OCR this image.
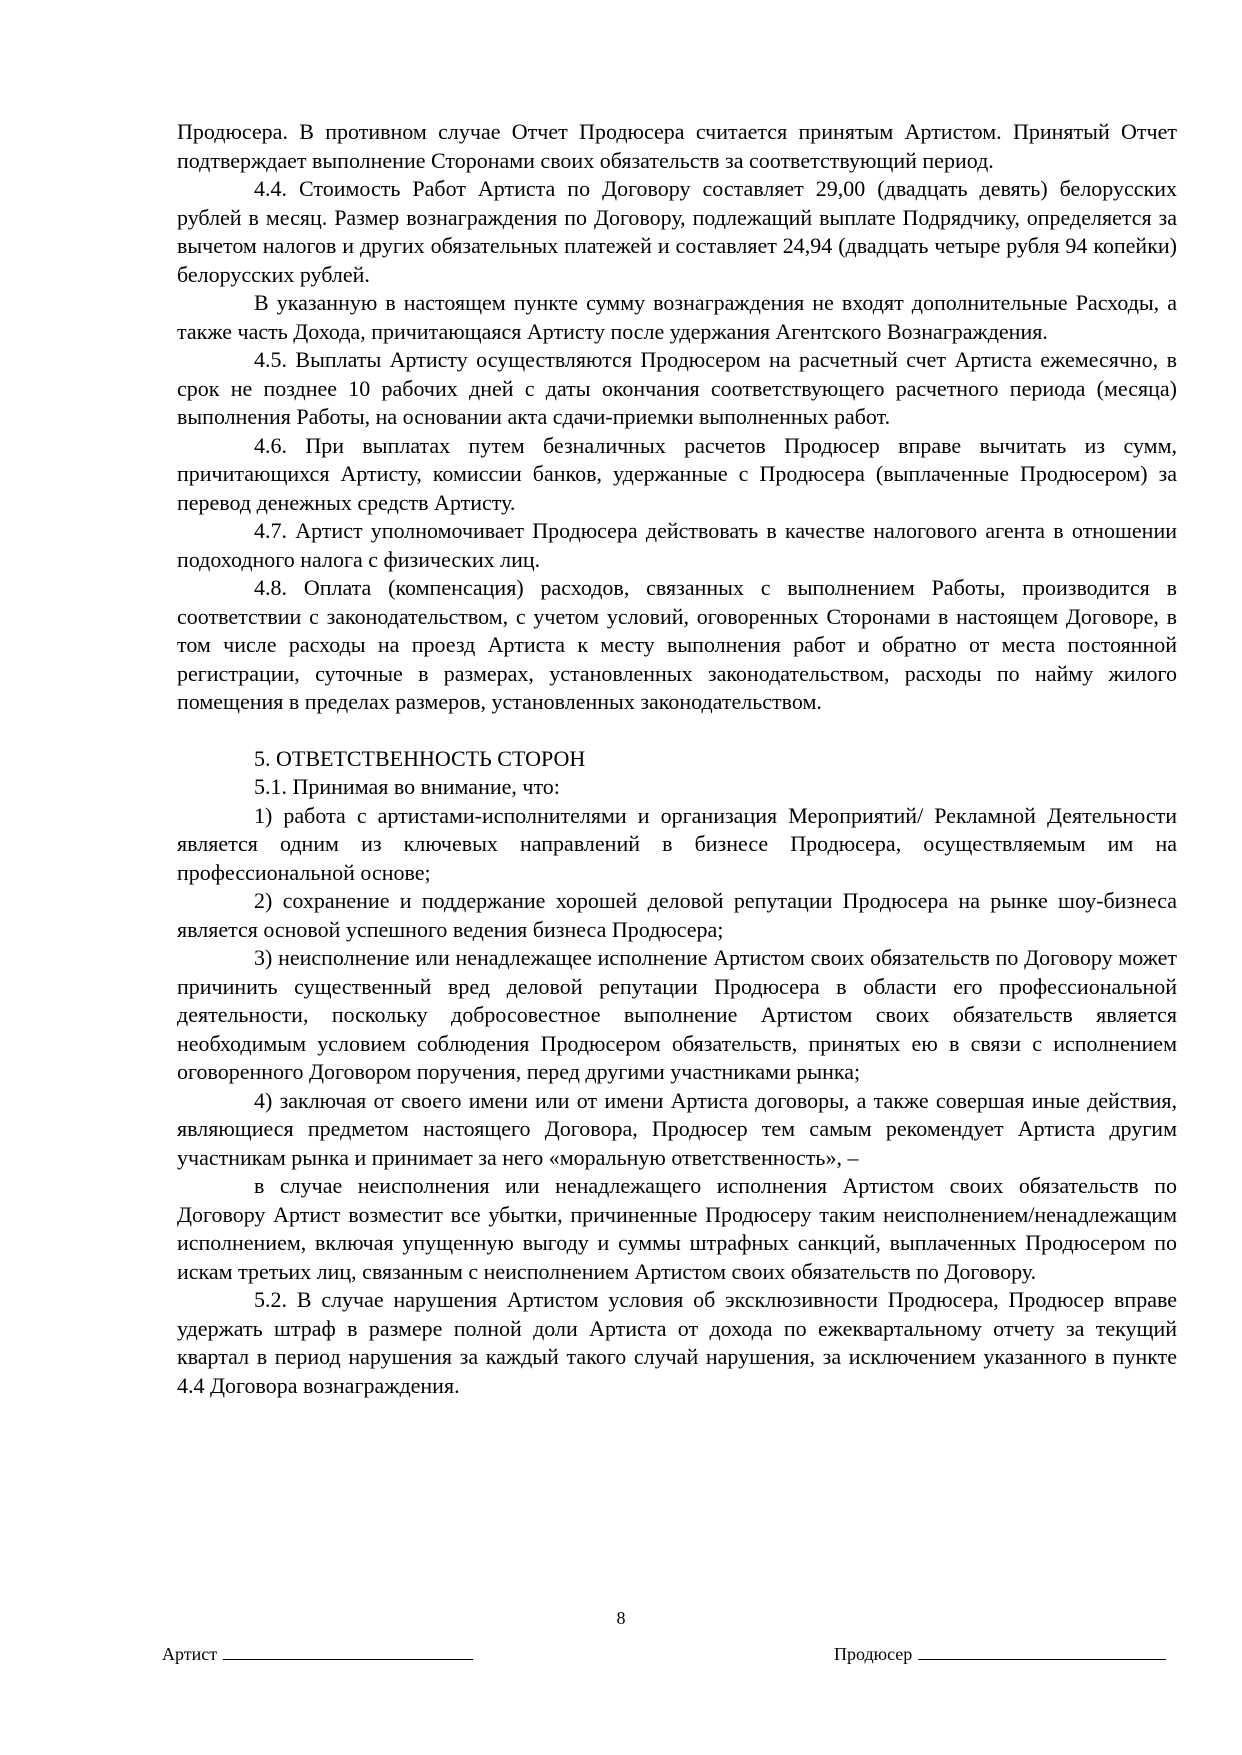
Продюсера. В противном случае Отчет Продюсера считается принятым Артистом. Принятый Отчет подтверждает выполнение Сторонами своих обязательств за соответствующий период.

4.4. Стоимость Работ Артиста по Договору составляет 29,00 (двадцать девять) белорусских рублей в месяц. Размер вознаграждения по Договору, подлежащий выплате Подрядчику, определяется за вычетом налогов и других обязательных платежей и составляет 24,94 (двадцать четыре рубля 94 копейки) белорусских рублей.

В указанную в настоящем пункте сумму вознаграждения не входят дополнительные Расходы, а также часть Дохода, причитающаяся Артисту после удержания Агентского Вознаграждения.

4.5. Выплаты Артисту осуществляются Продюсером на расчетный счет Артиста ежемесячно, в срок не позднее 10 рабочих дней с даты окончания соответствующего расчетного периода (месяца) выполнения Работы, на основании акта сдачи-приемки выполненных работ.

4.6. При выплатах путем безналичных расчетов Продюсер вправе вычитать из сумм, причитающихся Артисту, комиссии банков, удержанные с Продюсера (выплаченные Продюсером) за перевод денежных средств Артисту.

4.7. Артист уполномочивает Продюсера действовать в качестве налогового агента в отношении подоходного налога с физических лиц.

4.8. Оплата (компенсация) расходов, связанных с выполнением Работы, производится в соответствии с законодательством, с учетом условий, оговоренных Сторонами в настоящем Договоре, в том числе расходы на проезд Артиста к месту выполнения работ и обратно от места постоянной регистрации, суточные в размерах, установленных законодательством, расходы по найму жилого помещения в пределах размеров, установленных законодательством.

5. ОТВЕТСТВЕННОСТЬ СТОРОН

5.1. Принимая во внимание, что:

1) работа с артистами-исполнителями и организация Мероприятий/ Рекламной Деятельности является одним из ключевых направлений в бизнесе Продюсера, осуществляемым им на профессиональной основе;

2) сохранение и поддержание хорошей деловой репутации Продюсера на рынке шоу-бизнеса является основой успешного ведения бизнеса Продюсера;

3) неисполнение или ненадлежащее исполнение Артистом своих обязательств по Договору может причинить существенный вред деловой репутации Продюсера в области его профессиональной деятельности, поскольку добросовестное выполнение Артистом своих обязательств является необходимым условием соблюдения Продюсером обязательств, принятых ею в связи с исполнением оговоренного Договором поручения, перед другими участниками рынка;

4) заключая от своего имени или от имени Артиста договоры, а также совершая иные действия, являющиеся предметом настоящего Договора, Продюсер тем самым рекомендует Артиста другим участникам рынка и принимает за него «моральную ответственность», –

в случае неисполнения или ненадлежащего исполнения Артистом своих обязательств по Договору Артист возместит все убытки, причиненные Продюсеру таким неисполнением/ненадлежащим исполнением, включая упущенную выгоду и суммы штрафных санкций, выплаченных Продюсером по искам третьих лиц, связанным с неисполнением Артистом своих обязательств по Договору.

5.2. В случае нарушения Артистом условия об эксклюзивности Продюсера, Продюсер вправе удержать штраф в размере полной доли Артиста от дохода по ежеквартальному отчету за текущий квартал в период нарушения за каждый такого случай нарушения, за исключением указанного в пункте 4.4 Договора вознаграждения.

8
Артист	Продюсер
